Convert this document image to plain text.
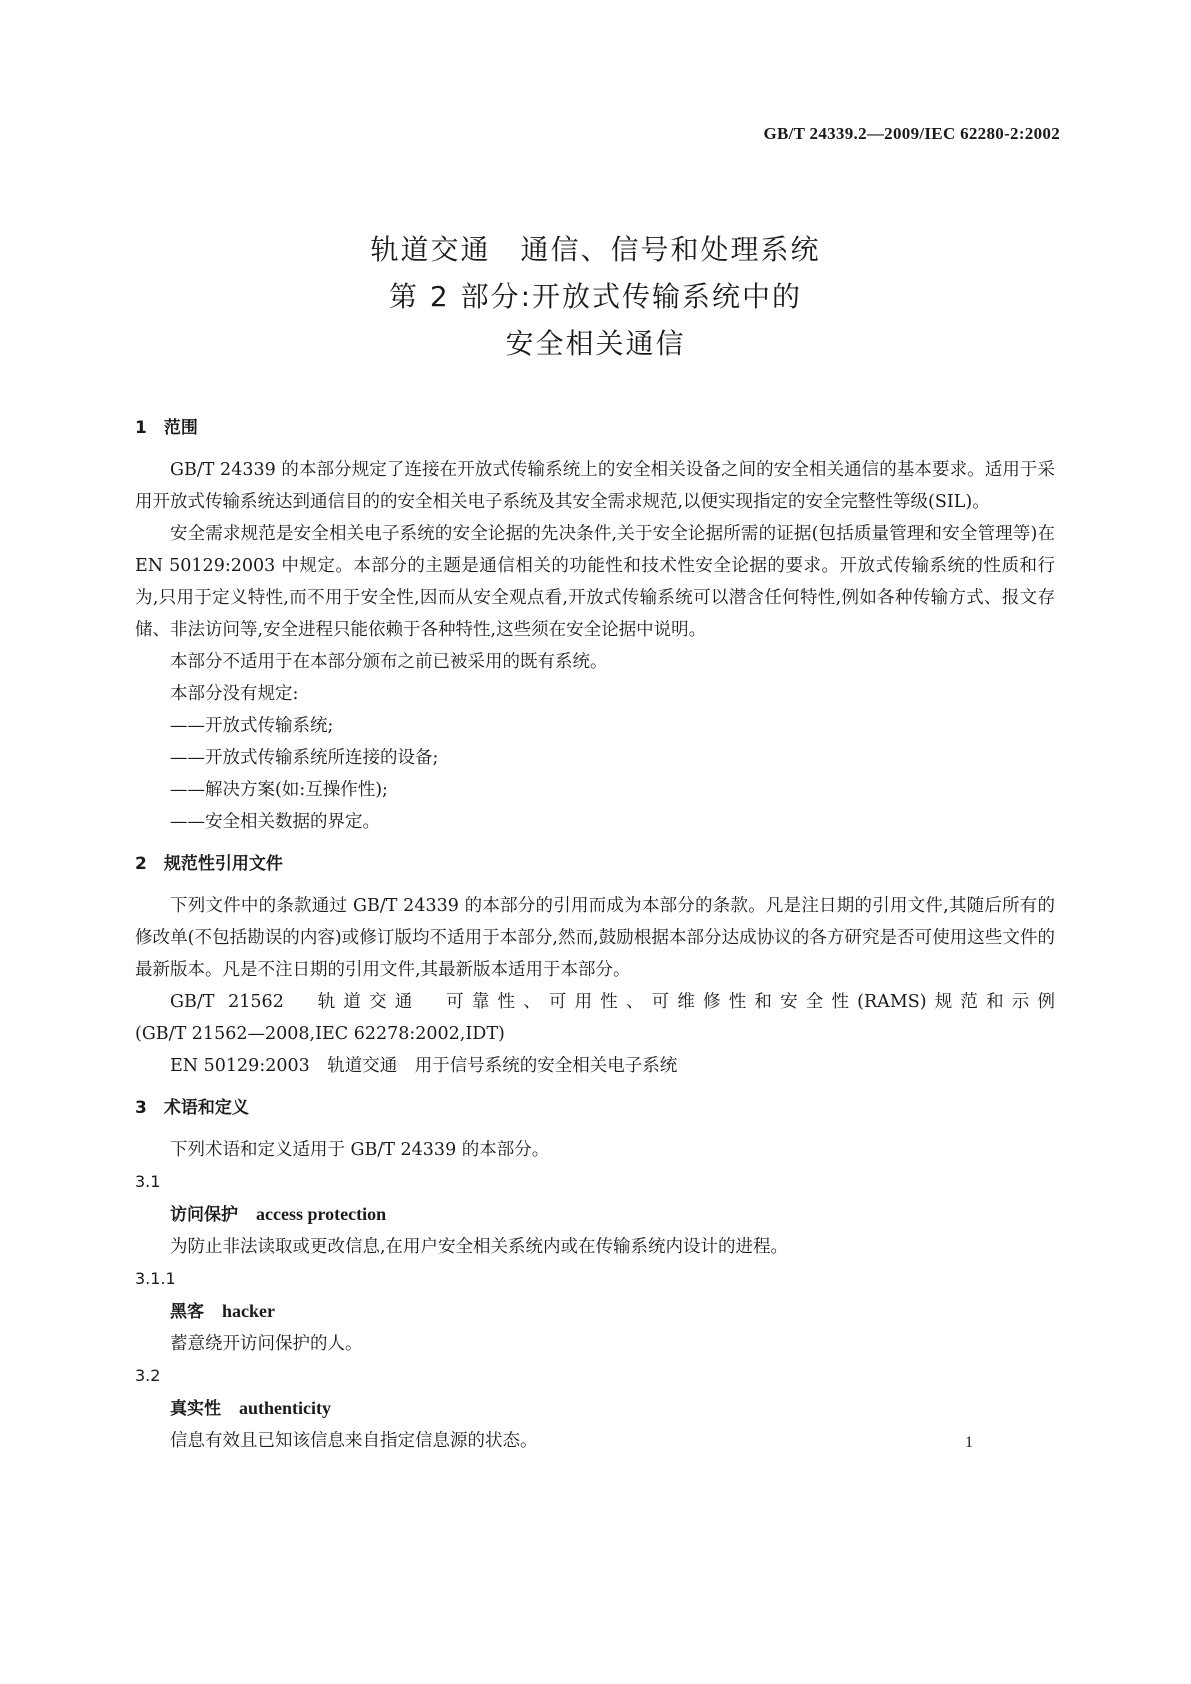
GB/T 24339.2—2009/IEC 62280-2:2002
轨道交通　通信、信号和处理系统
第 2 部分:开放式传输系统中的
安全相关通信

1　范围

GB/T 24339 的本部分规定了连接在开放式传输系统上的安全相关设备之间的安全相关通信的基本要求。适用于采用开放式传输系统达到通信目的的安全相关电子系统及其安全需求规范,以便实现指定的安全完整性等级(SIL)。

安全需求规范是安全相关电子系统的安全论据的先决条件,关于安全论据所需的证据(包括质量管理和安全管理等)在 EN 50129:2003 中规定。本部分的主题是通信相关的功能性和技术性安全论据的要求。开放式传输系统的性质和行为,只用于定义特性,而不用于安全性,因而从安全观点看,开放式传输系统可以潜含任何特性,例如各种传输方式、报文存储、非法访问等,安全进程只能依赖于各种特性,这些须在安全论据中说明。

本部分不适用于在本部分颁布之前已被采用的既有系统。

本部分没有规定:

——开放式传输系统;

——开放式传输系统所连接的设备;

——解决方案(如:互操作性);

——安全相关数据的界定。

2　规范性引用文件

下列文件中的条款通过 GB/T 24339 的本部分的引用而成为本部分的条款。凡是注日期的引用文件,其随后所有的修改单(不包括勘误的内容)或修订版均不适用于本部分,然而,鼓励根据本部分达成协议的各方研究是否可使用这些文件的最新版本。凡是不注日期的引用文件,其最新版本适用于本部分。

GB/T 21562　轨道交通　可靠性、可用性、可维修性和安全性(RAMS)规范和示例

(GB/T 21562—2008,IEC 62278:2002,IDT)

EN 50129:2003　轨道交通　用于信号系统的安全相关电子系统

3　术语和定义

下列术语和定义适用于 GB/T 24339 的本部分。

3.1

访问保护 access protection

为防止非法读取或更改信息,在用户安全相关系统内或在传输系统内设计的进程。

3.1.1

黑客 hacker

蓄意绕开访问保护的人。

3.2

真实性 authenticity

信息有效且已知该信息来自指定信息源的状态。	1
